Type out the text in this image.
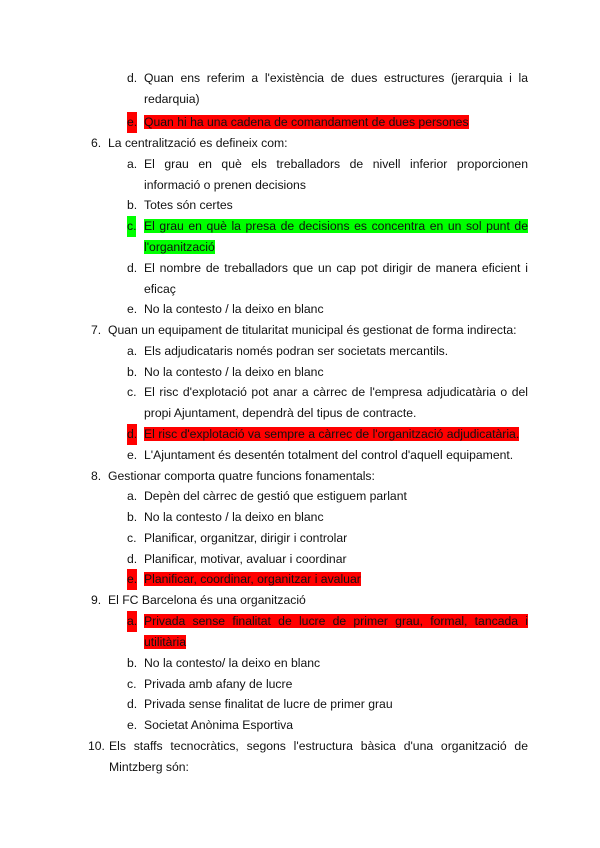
d. Quan ens referim a l'existència de dues estructures (jerarquia i la redarquia)
e. Quan hi ha una cadena de comandament de dues persones
6. La centralització es defineix com:
a. El grau en què els treballadors de nivell inferior proporcionen informació o prenen decisions
b. Totes són certes
c. El grau en què la presa de decisions es concentra en un sol punt de l'organització
d. El nombre de treballadors que un cap pot dirigir de manera eficient i eficaç
e. No la contesto / la deixo en blanc
7. Quan un equipament de titularitat municipal és gestionat de forma indirecta:
a. Els adjudicataris només podran ser societats mercantils.
b. No la contesto / la deixo en blanc
c. El risc d'explotació pot anar a càrrec de l'empresa adjudicatària o del propi Ajuntament, dependrà del tipus de contracte.
d. El risc d'explotació va sempre a càrrec de l'organització adjudicatària.
e. L'Ajuntament és desentén totalment del control d'aquell equipament.
8. Gestionar comporta quatre funcions fonamentals:
a. Depèn del càrrec de gestió que estiguem parlant
b. No la contesto / la deixo en blanc
c. Planificar, organitzar, dirigir i controlar
d. Planificar, motivar, avaluar i coordinar
e. Planificar, coordinar, organitzar i avaluar
9. El FC Barcelona és una organització
a. Privada sense finalitat de lucre de primer grau, formal, tancada i utilitària
b. No la contesto/ la deixo en blanc
c. Privada amb afany de lucre
d. Privada sense finalitat de lucre de primer grau
e. Societat Anònima Esportiva
10. Els staffs tecnocràtics, segons l'estructura bàsica d'una organització de Mintzberg són:
